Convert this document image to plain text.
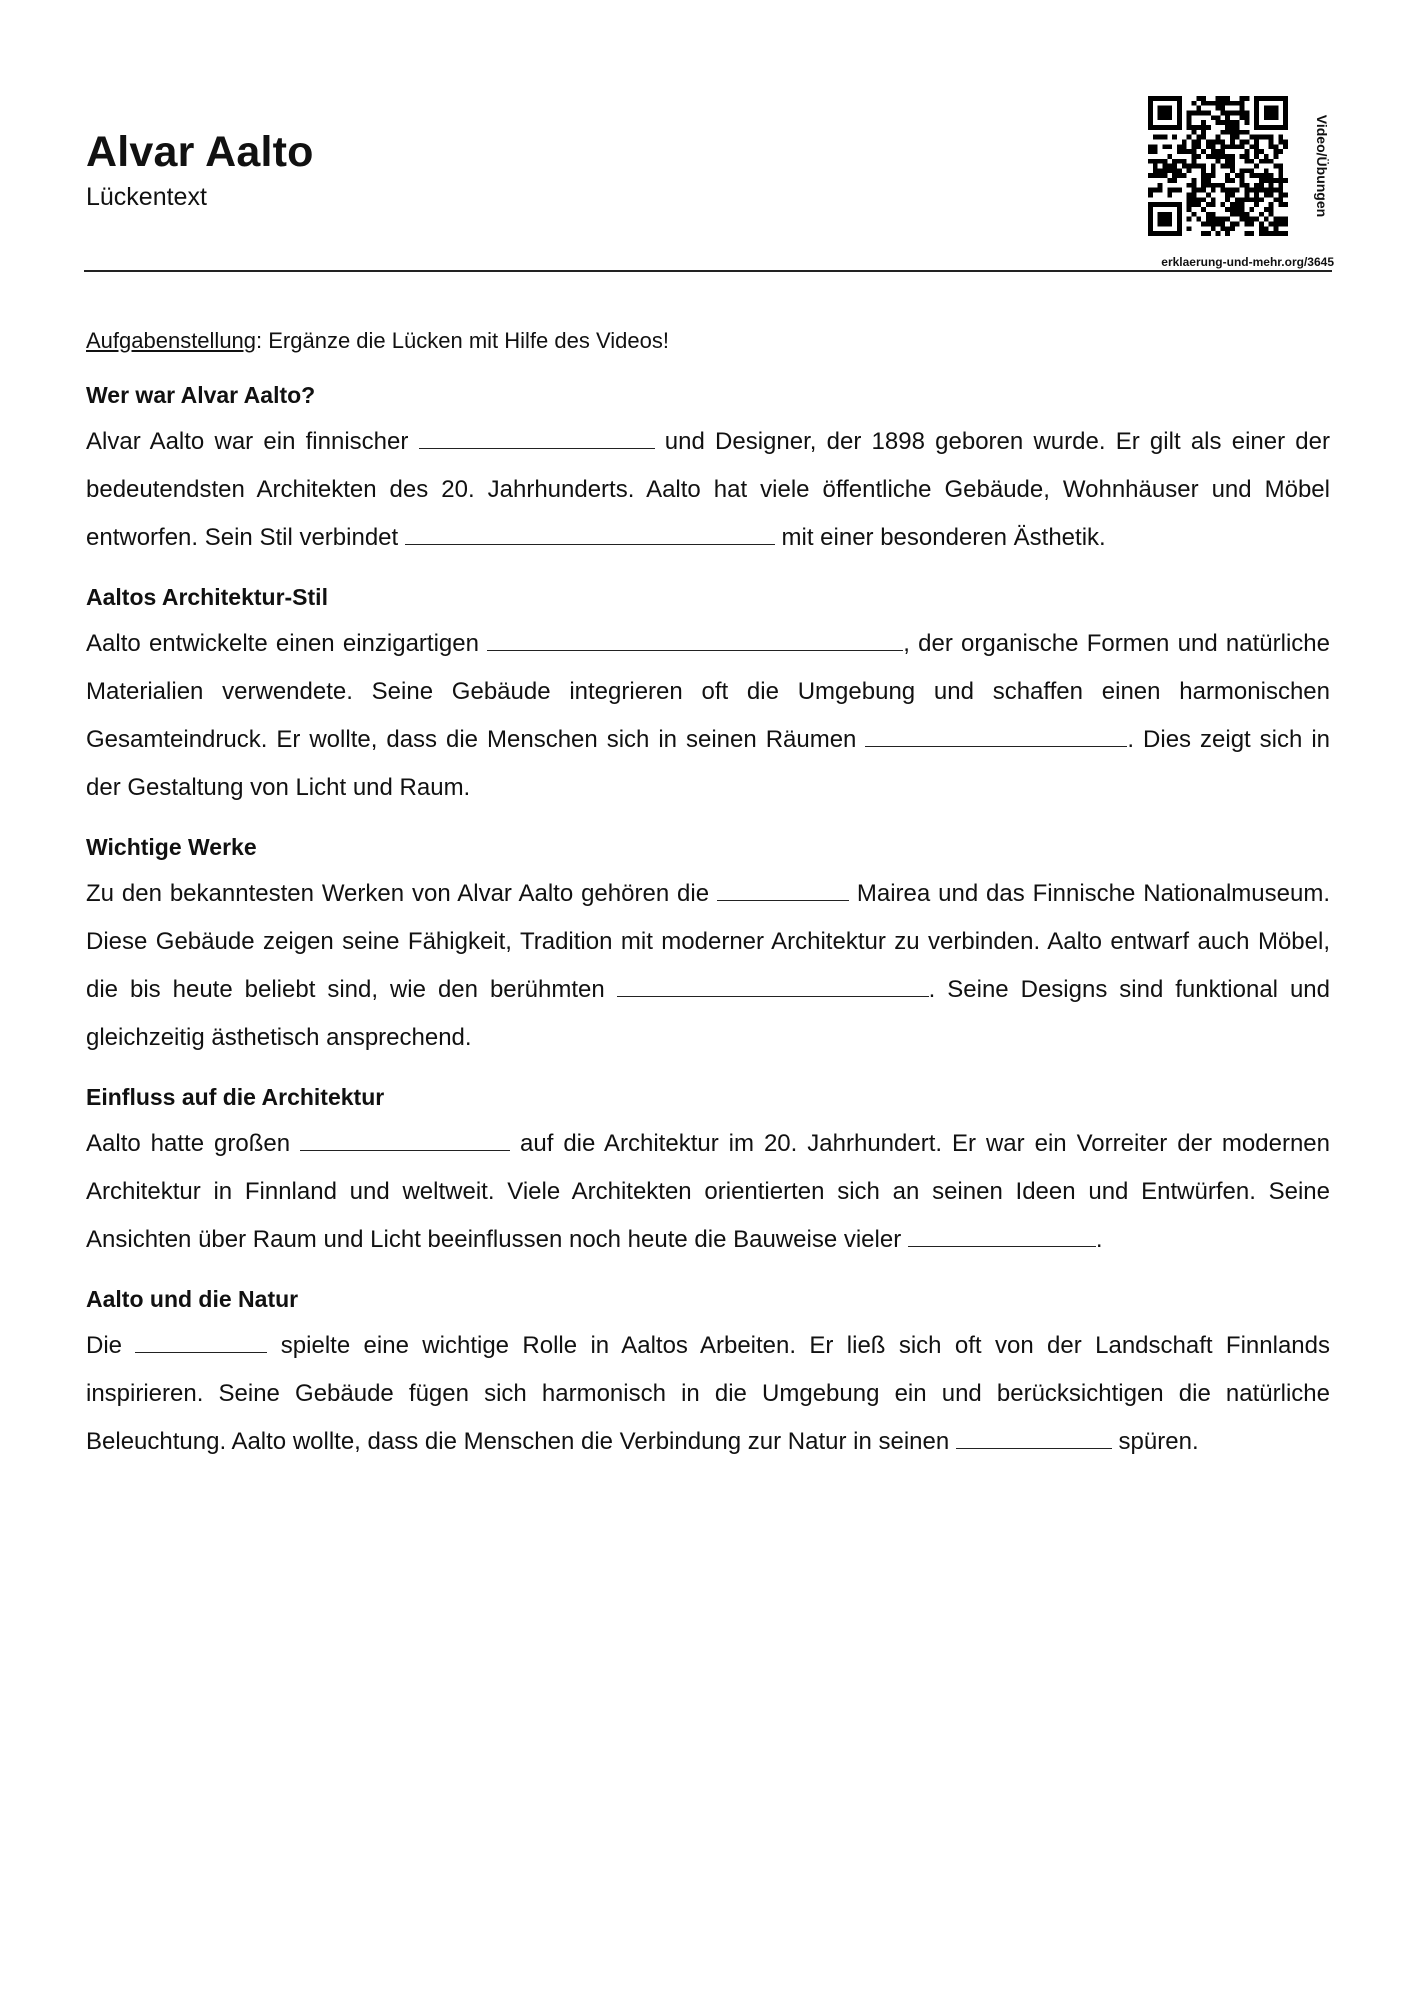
Alvar Aalto
Lückentext	Video/Übungen
erklaerung-und-mehr.org/3645

Aufgabenstellung: Ergänze die Lücken mit Hilfe des Videos!

Wer war Alvar Aalto?

Alvar Aalto war ein finnischer	und Designer, der 1898 geboren wurde. Er gilt als einer der bedeutendsten Architekten des 20. Jahrhunderts. Aalto hat viele öffentliche Gebäude, Wohnhäuser und Möbel entworfen. Sein Stil verbindet	mit einer besonderen Ästhetik.

Aaltos Architektur-Stil

Aalto entwickelte einen einzigartigen	, der organische Formen und natürliche Materialien verwendete. Seine Gebäude integrieren oft die Umgebung und schaffen einen harmonischen Gesamteindruck. Er wollte, dass die Menschen sich in seinen Räumen	. Dies zeigt sich in der Gestaltung von Licht und Raum.

Wichtige Werke

Zu den bekanntesten Werken von Alvar Aalto gehören die	Mairea und das Finnische Nationalmuseum. Diese Gebäude zeigen seine Fähigkeit, Tradition mit moderner Architektur zu verbinden. Aalto entwarf auch Möbel, die bis heute beliebt sind, wie den berühmten	. Seine Designs sind funktional und gleichzeitig ästhetisch ansprechend.

Einfluss auf die Architektur

Aalto hatte großen	auf die Architektur im 20. Jahrhundert. Er war ein Vorreiter der modernen Architektur in Finnland und weltweit. Viele Architekten orientierten sich an seinen Ideen und Entwürfen. Seine Ansichten über Raum und Licht beeinflussen noch heute die Bauweise vieler	.

Aalto und die Natur

Die	spielte eine wichtige Rolle in Aaltos Arbeiten. Er ließ sich oft von der Landschaft Finnlands inspirieren. Seine Gebäude fügen sich harmonisch in die Umgebung ein und berücksichtigen die natürliche Beleuchtung. Aalto wollte, dass die Menschen die Verbindung zur Natur in seinen	spüren.
